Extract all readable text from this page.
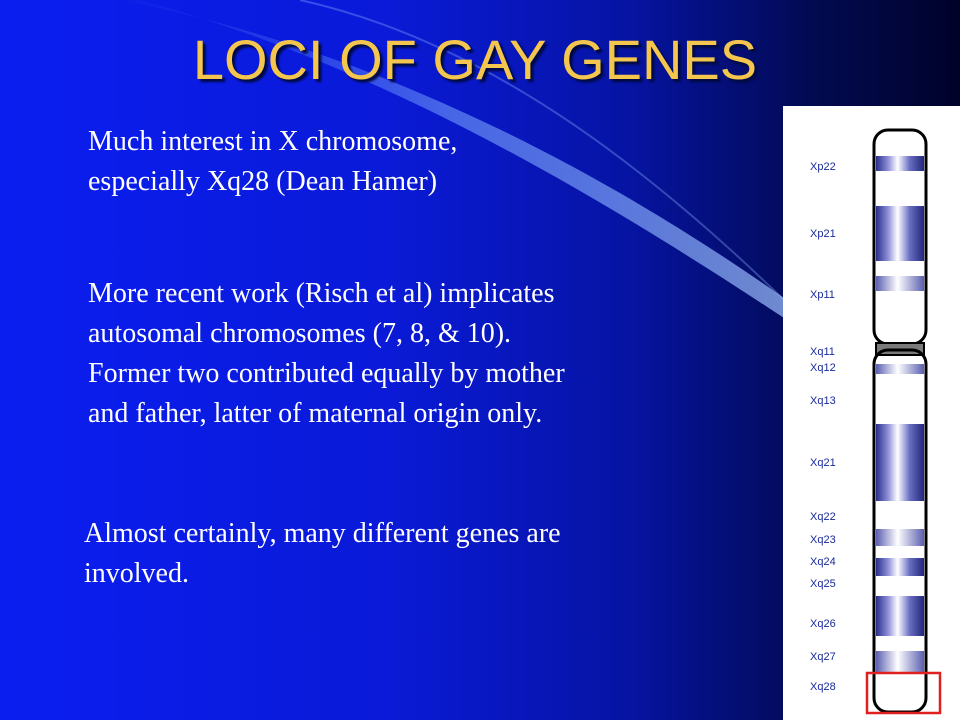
LOCI OF GAY GENES
Much interest in X chromosome,
especially Xq28 (Dean Hamer)
More recent work (Risch et al) implicates
autosomal chromosomes (7, 8, & 10).
Former two contributed equally by mother
and father, latter of maternal origin only.
Almost certainly, many different genes are
involved.
Xp22
Xp21
Xp11
Xq11
Xq12
Xq13
Xq21
Xq22
Xq23
Xq24
Xq25
Xq26
Xq27
Xq28
